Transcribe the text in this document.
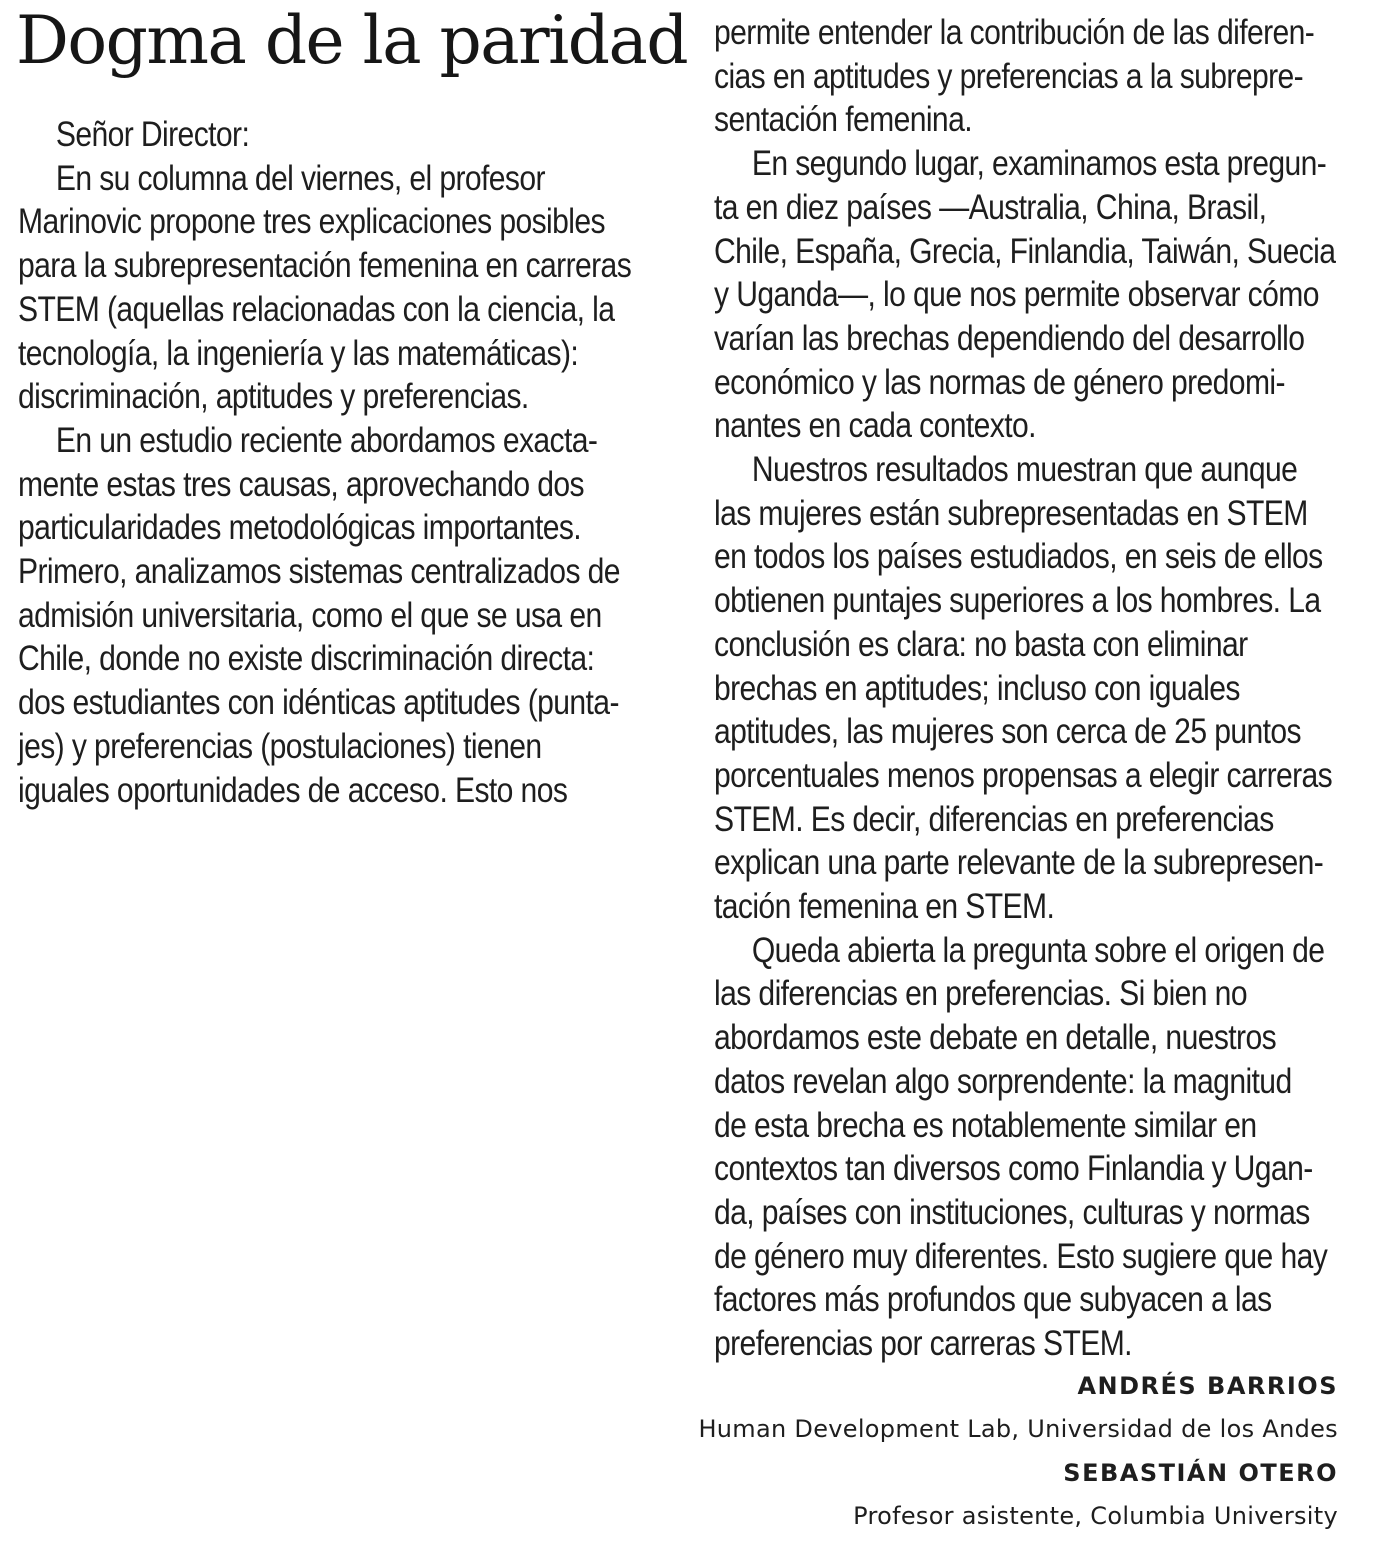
Dogma de la paridad

Señor Director:

En su columna del viernes, el profesor
Marinovic propone tres explicaciones posibles
para la subrepresentación femenina en carreras
STEM (aquellas relacionadas con la ciencia, la
tecnología, la ingeniería y las matemáticas):
discriminación, aptitudes y preferencias.

En un estudio reciente abordamos exacta-
mente estas tres causas, aprovechando dos
particularidades metodológicas importantes.
Primero, analizamos sistemas centralizados de
admisión universitaria, como el que se usa en
Chile, donde no existe discriminación directa:
dos estudiantes con idénticas aptitudes (punta-
jes) y preferencias (postulaciones) tienen
iguales oportunidades de acceso. Esto nos

permite entender la contribución de las diferen-
cias en aptitudes y preferencias a la subrepre-
sentación femenina.

En segundo lugar, examinamos esta pregun-
ta en diez países —Australia, China, Brasil,
Chile, España, Grecia, Finlandia, Taiwán, Suecia
y Uganda—, lo que nos permite observar cómo
varían las brechas dependiendo del desarrollo
económico y las normas de género predomi-
nantes en cada contexto.

Nuestros resultados muestran que aunque
las mujeres están subrepresentadas en STEM
en todos los países estudiados, en seis de ellos
obtienen puntajes superiores a los hombres. La
conclusión es clara: no basta con eliminar
brechas en aptitudes; incluso con iguales
aptitudes, las mujeres son cerca de 25 puntos
porcentuales menos propensas a elegir carreras
STEM. Es decir, diferencias en preferencias
explican una parte relevante de la subrepresen-
tación femenina en STEM.

Queda abierta la pregunta sobre el origen de
las diferencias en preferencias. Si bien no
abordamos este debate en detalle, nuestros
datos revelan algo sorprendente: la magnitud
de esta brecha es notablemente similar en
contextos tan diversos como Finlandia y Ugan-
da, países con instituciones, culturas y normas
de género muy diferentes. Esto sugiere que hay
factores más profundos que subyacen a las
preferencias por carreras STEM.

ANDRÉS BARRIOS
Human Development Lab, Universidad de los Andes
SEBASTIÁN OTERO
Profesor asistente, Columbia University
